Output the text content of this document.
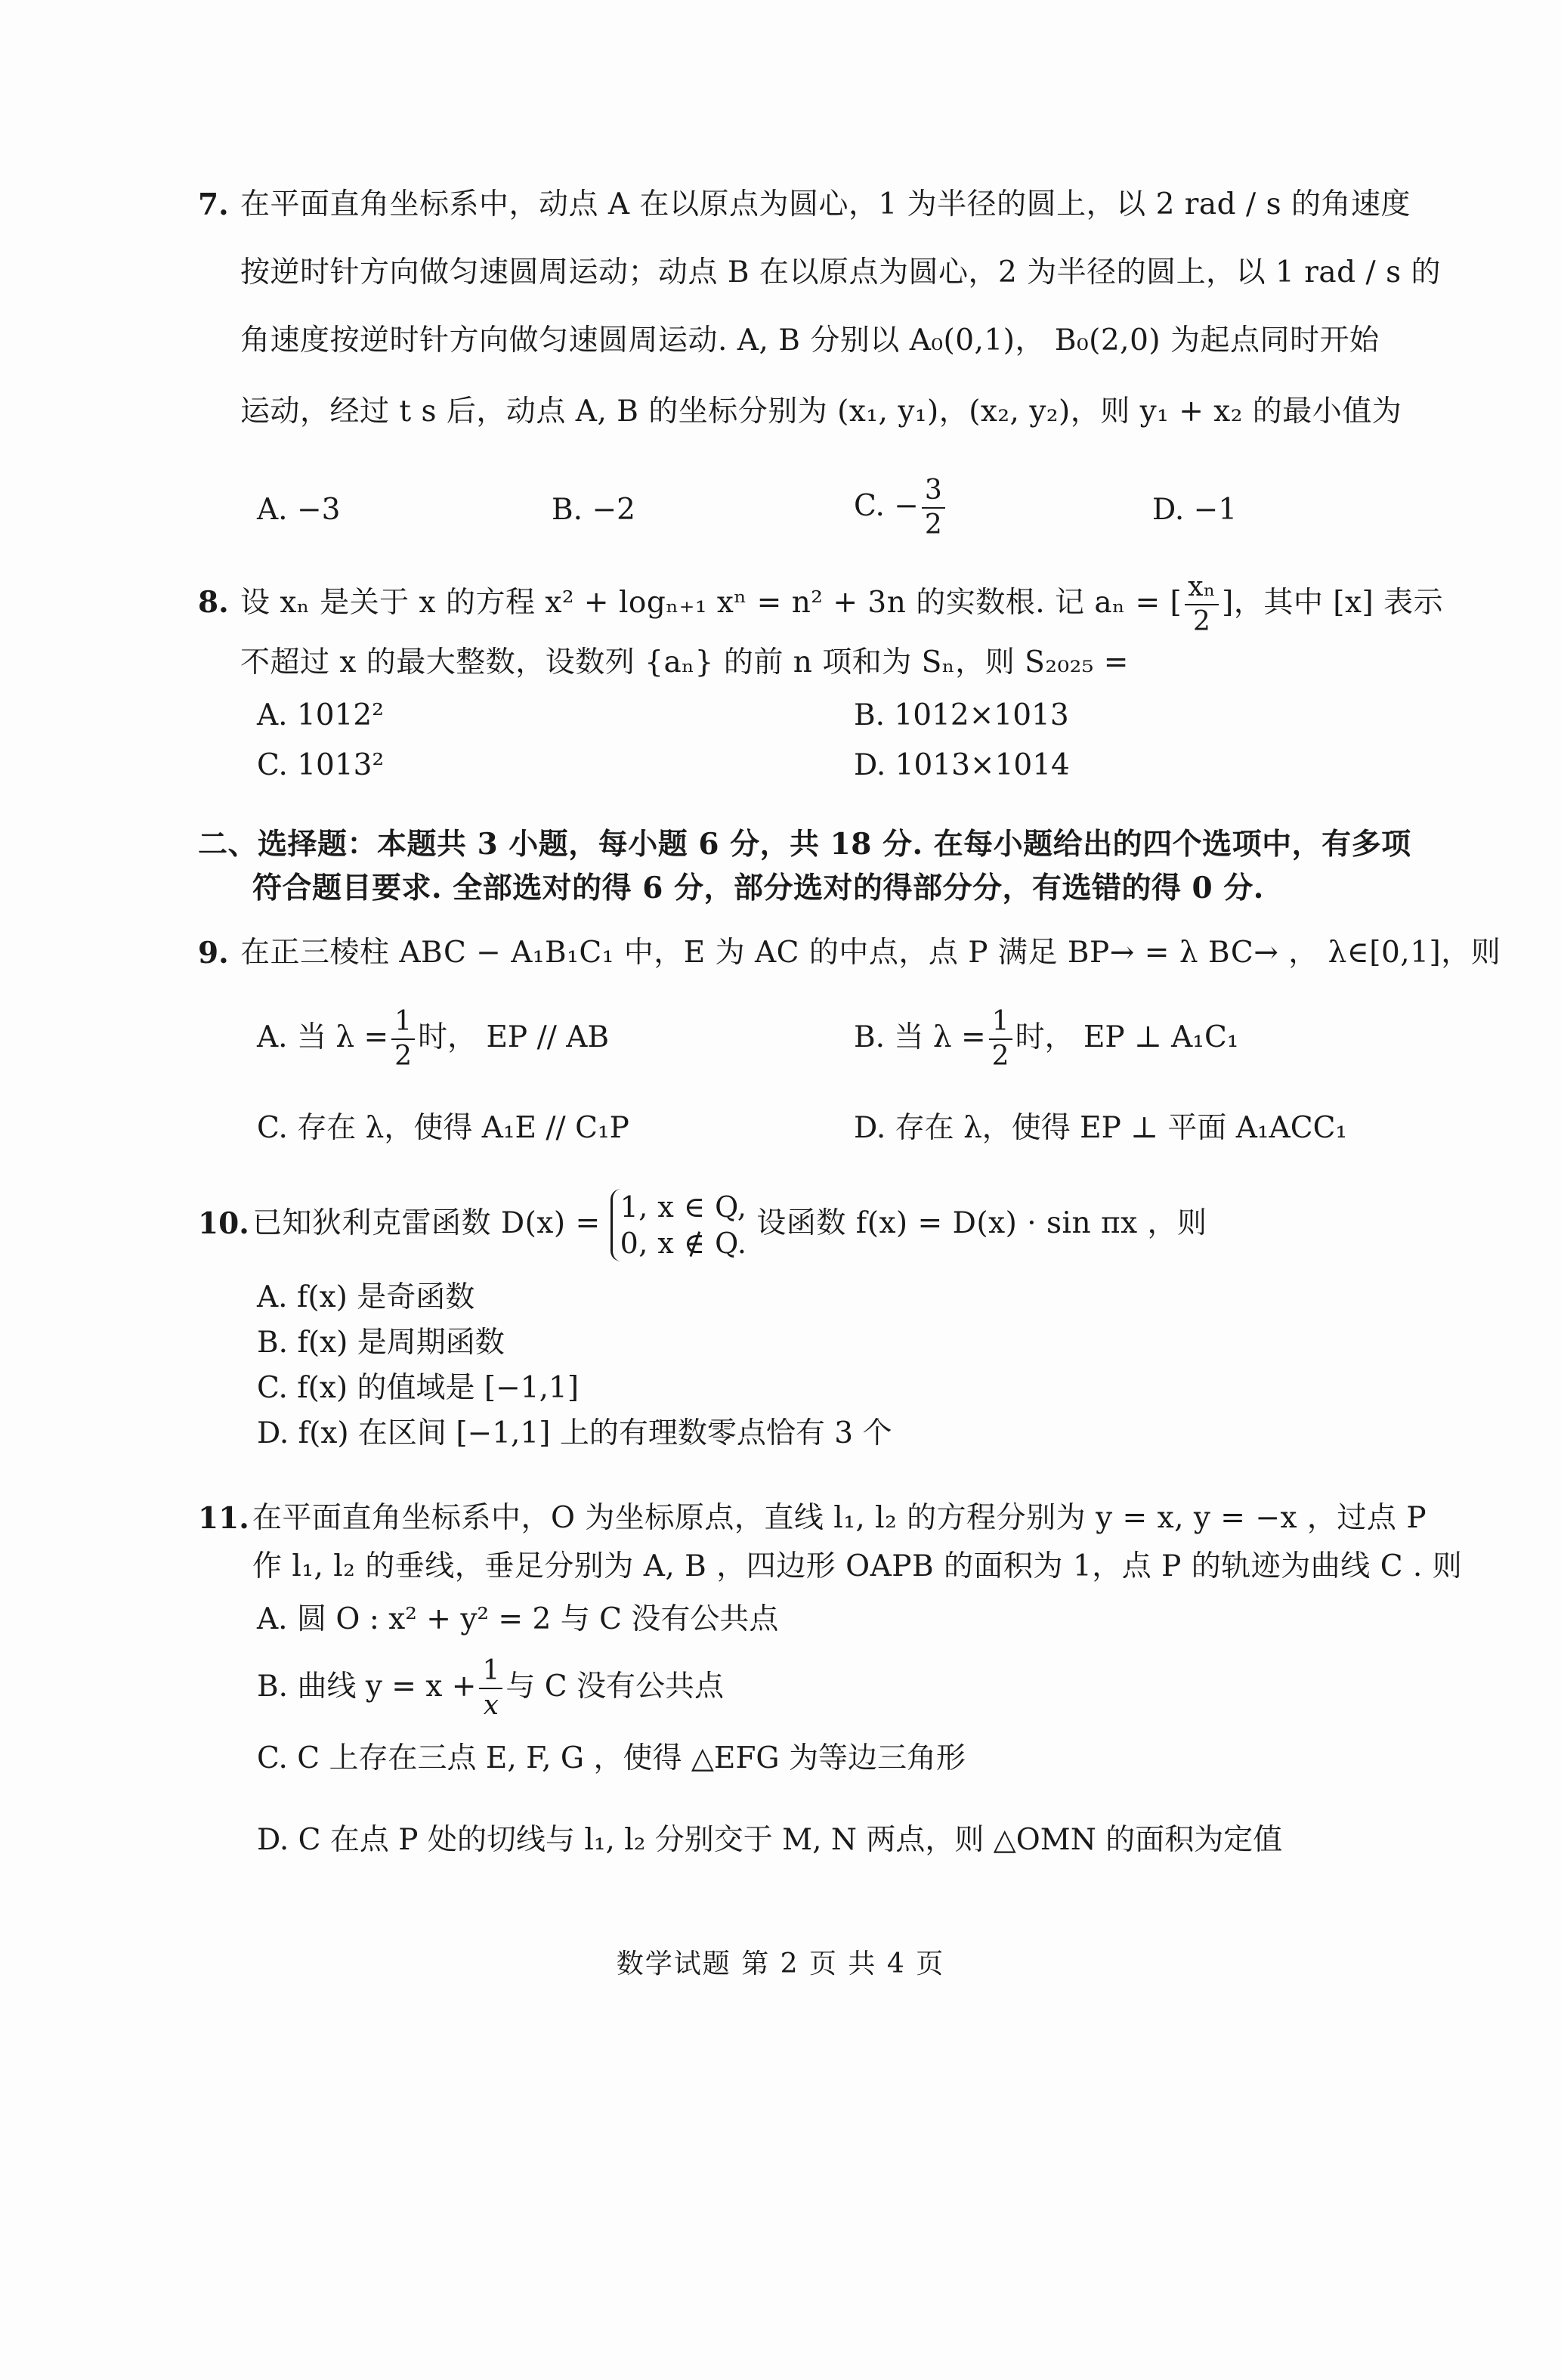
7. 在平面直角坐标系中，动点 A 在以原点为圆心，1 为半径的圆上，以 2 rad / s 的角速度
按逆时针方向做匀速圆周运动；动点 B 在以原点为圆心，2 为半径的圆上，以 1 rad / s 的
角速度按逆时针方向做匀速圆周运动. A, B 分别以 A₀(0,1)， B₀(2,0) 为起点同时开始
运动，经过 t s 后，动点 A, B 的坐标分别为 (x₁, y₁)，(x₂, y₂)，则 y₁ + x₂ 的最小值为
A. −3	B. −2	C. − $\frac{3}{2}$	D. −1
8. 设 xₙ 是关于 x 的方程 x² + logₙ₊₁ xⁿ = n² + 3n 的实数根. 记 aₙ = [ $\frac{\text{xₙ}}{2}$ ]，其中 [x] 表示
不超过 x 的最大整数，设数列 {aₙ} 的前 n 项和为 Sₙ，则 S₂₀₂₅ =
A. 1012²	B. 1012×1013
C. 1013²	D. 1013×1014
二、选择题：本题共 3 小题，每小题 6 分，共 18 分. 在每小题给出的四个选项中，有多项
符合题目要求. 全部选对的得 6 分，部分选对的得部分分，有选错的得 0 分.
9. 在正三棱柱 ABC − A₁B₁C₁ 中，E 为 AC 的中点，点 P 满足 BP→ = λ BC→ ， λ∈[0,1]，则
A. 当 $\lambda = \frac{1}{2}$ 时， EP // AB	B. 当 $\lambda = \frac{1}{2}$ 时， EP ⊥ A₁C₁
C. 存在 λ，使得 A₁E // C₁P	D. 存在 λ，使得 EP ⊥ 平面 A₁ACC₁
10. 已知狄利克雷函数 D(x) = 1, x ∈ Q,
0, x ∉ Q.
设函数 f(x) = D(x) · sin πx ，则
A. f(x) 是奇函数
B. f(x) 是周期函数
C. f(x) 的值域是 [−1,1]
D. f(x) 在区间 [−1,1] 上的有理数零点恰有 3 个
11. 在平面直角坐标系中，O 为坐标原点，直线 l₁, l₂ 的方程分别为 y = x, y = −x ，过点 P
作 l₁, l₂ 的垂线，垂足分别为 A, B ，四边形 OAPB 的面积为 1，点 P 的轨迹为曲线 C . 则
A. 圆 O : x² + y² = 2 与 C 没有公共点
B. 曲线 $y = x + \frac{1}{x}$ 与 C 没有公共点
C. C 上存在三点 E, F, G ，使得 △EFG 为等边三角形
D. C 在点 P 处的切线与 l₁, l₂ 分别交于 M, N 两点，则 △OMN 的面积为定值
数学试题 第 2 页 共 4 页
